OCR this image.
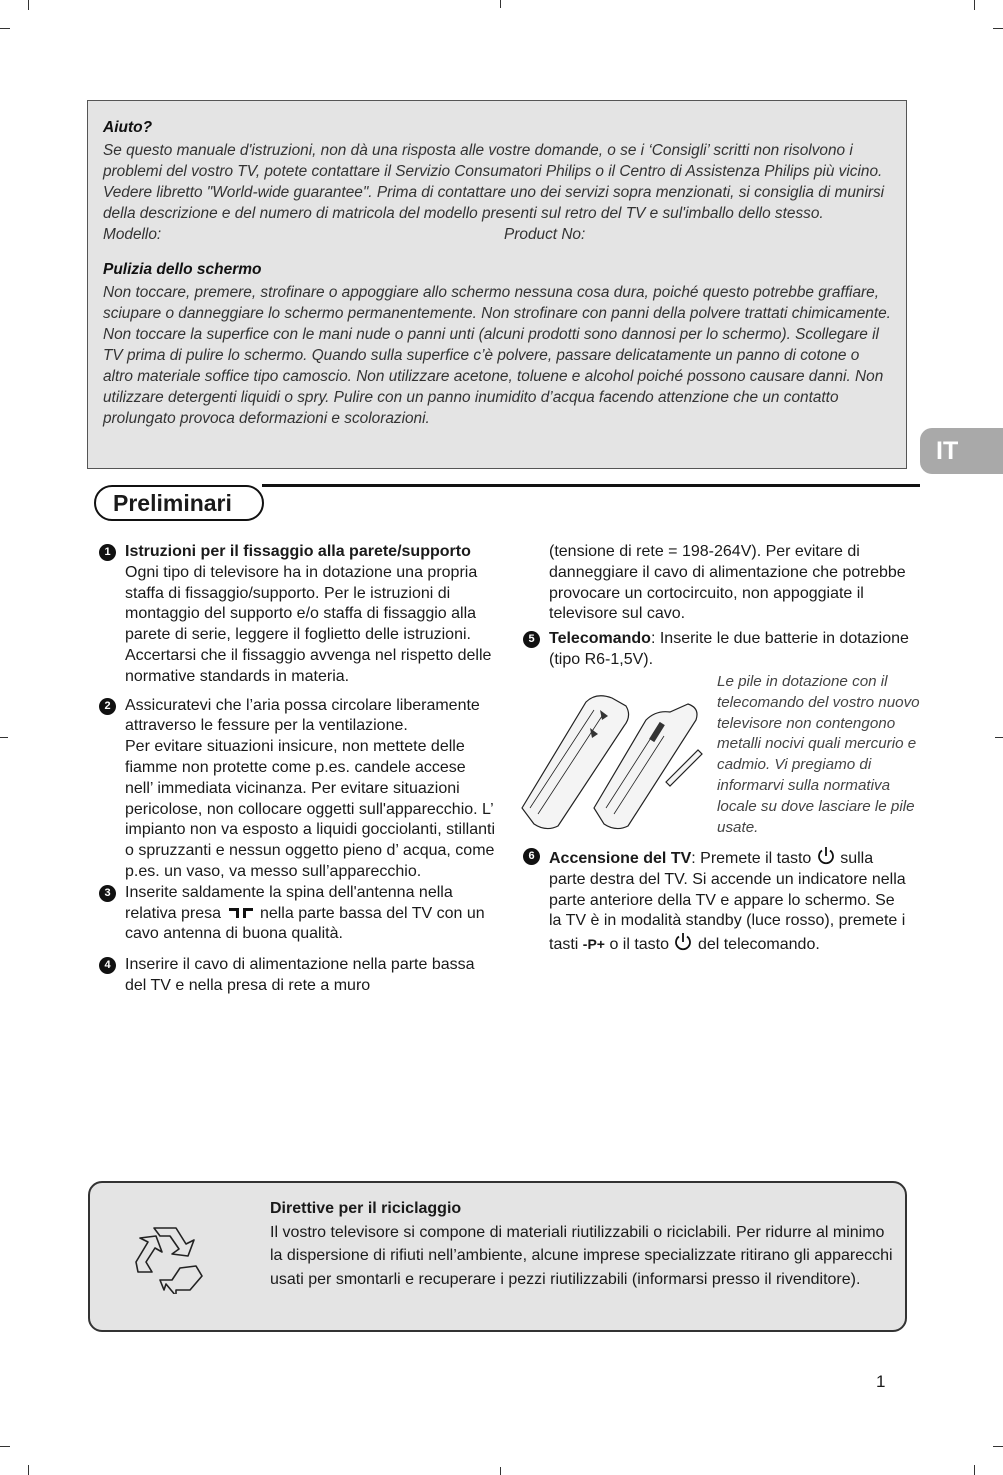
Aiuto?

Se questo manuale d'istruzioni, non dà una risposta alle vostre domande, o se i ‘Consigli’ scritti non risolvono i problemi del vostro TV, potete contattare il Servizio Consumatori Philips o il Centro di Assistenza Philips più vicino. Vedere libretto "World-wide guarantee". Prima di contattare uno dei servizi sopra menzionati, si consiglia di munirsi della descrizione e del numero di matricola del modello presenti sul retro del TV e sul'imballo dello stesso.

Modello:	Product No:
Pulizia dello schermo

Non toccare, premere, strofinare o appoggiare allo schermo nessuna cosa dura, poiché questo potrebbe graffiare, sciupare o danneggiare lo schermo permanentemente. Non strofinare con panni della polvere trattati chimicamente. Non toccare la superfice con le mani nude o panni unti (alcuni prodotti sono dannosi per lo schermo). Scollegare il TV prima di pulire lo schermo. Quando sulla superfice c’è polvere, passare delicatamente un panno di cotone o altro materiale soffice tipo camoscio. Non utilizzare acetone, toluene e alcohol poiché possono causare danni. Non utilizzare detergenti liquidi o spry. Pulire con un panno inumidito d’acqua facendo attenzione che un contatto prolungato provoca deformazioni e scolorazioni.

IT
Preliminari
1 Istruzioni per il fissaggio alla parete/supporto

Ogni tipo di televisore ha in dotazione una propria staffa di fissaggio/supporto. Per le istruzioni di montaggio del supporto e/o staffa di fissaggio alla parete di serie, leggere il foglietto delle istruzioni. Accertarsi che il fissaggio avvenga nel rispetto delle normative standards in materia.

2 Assicuratevi che l’aria possa circolare liberamente attraverso le fessure per la ventilazione.

Per evitare situazioni insicure, non mettete delle fiamme non protette come p.es. candele accese nell’ immediata vicinanza. Per evitare situazioni pericolose, non collocare oggetti sull'apparecchio. L’ impianto non va esposto a liquidi gocciolanti, stillanti o spruzzanti e nessun oggetto pieno d’ acqua, come p.es. un vaso, va messo sull’apparecchio.

3 Inserite saldamente la spina dell'antenna nella relativa presa nella parte bassa del TV con un cavo antenna di buona qualità.

4 Inserire il cavo di alimentazione nella parte bassa del TV e nella presa di rete a muro

(tensione di rete = 198-264V). Per evitare di danneggiare il cavo di alimentazione che potrebbe provocare un cortocircuito, non appoggiate il televisore sul cavo.

5 Telecomando: Inserite le due batterie in dotazione (tipo R6-1,5V).

Le pile in dotazione con il telecomando del vostro nuovo televisore non contengono metalli nocivi quali mercurio e cadmio. Vi pregiamo di informarvi sulla normativa locale su dove lasciare le pile usate.
6 Accensione del TV: Premete il tasto sulla parte destra del TV. Si accende un indicatore nella parte anteriore della TV e appare lo schermo. Se la TV è in modalità standby (luce rosso), premete i tasti -P+ o il tasto del telecomando.

Direttive per il riciclaggio

Il vostro televisore si compone di materiali riutilizzabili o riciclabili. Per ridurre al minimo la dispersione di rifiuti nell’ambiente, alcune imprese specializzate ritirano gli apparecchi usati per smontarli e recuperare i pezzi riutilizzabili (informarsi presso il rivenditore).

1
